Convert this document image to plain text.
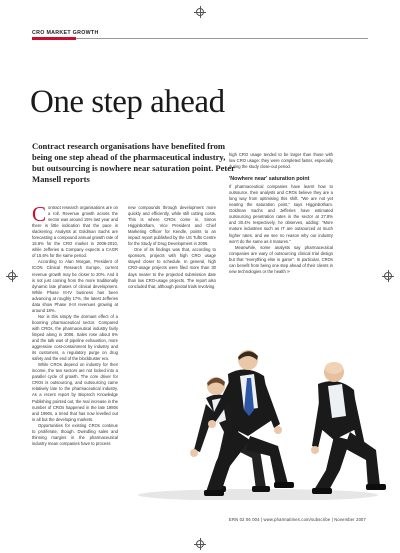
CRO MARKET GROWTH
One step ahead
Contract research organisations have benefited from being one step ahead of the pharmaceutical industry, but outsourcing is nowhere near saturation point. Peter Mansell reports

Contract research organisations are on a roll. Revenue growth across the sector was around 15% last year and there is little indication that the pace is slackening. Analysts at Goldman Sachs are forecasting a compound annual growth rate of 15.6% for the CRO market in 2006-2010, while Jefferies & Company expects a CAGR of 15.6% for the same period.

According to Alan Morgan, President of ICON Clinical Research Europe, current revenue growth may be closer to 20%. And it is not just coming from the more traditionally dynamic late phases of clinical development. While Phase III-IV business has been advancing at roughly 17%, the latest Jefferies data show Phase II-III revenues growing at around 18%.

Nor is this simply the dormant effect of a booming pharmaceutical sector. Compared with CROs, the pharmaceutical industry fairly limped along in 2006. Sales rose about 6% and the talk was of pipeline exhaustion, more aggressive cost-containment by industry and its customers, a regulatory purge on drug safety and the end of the blockbuster era.

While CROs depend on industry for their income, the two sectors are not locked into a parallel cycle of growth. The core driver for CROs is outsourcing, and outsourcing came relatively late to the pharmaceutical industry. As a recent report by Bioproch Knowledge Publishing pointed out, the real increase in the number of CROs happened in the late 1980s and 1990s, a trend that has now levelled out in all but the developing markets.

Opportunities for existing CROs continue to proliferate, though. Dwindling sales and thinning margins in the pharmaceutical industry mean companies have to process

new compounds through development more quickly and efficiently, while still cutting costs. This is where CROs come in, Simon Higginbotham, Vice President and Chief Marketing Officer for Kendle, points to an impact report published by the US Tufts Centre for the Study of Drug Development in 2006.

One of its findings was that, according to sponsors, projects with high CRO usage stayed closer to schedule. In general, high CRO-usage projects were filed more than 30 days nearer to the projected submission date than low CRO-usage projects. The report also concluded that, although pivotal trials involving

high CRO usage tended to be larger than those with low CRO usage: they were completed faster, especially during the study close-out period.

'Nowhere near' saturation point

If pharmaceutical companies have learnt how to outsource, then analysts and CROs believe they are a long way from optimising this shift. "We are not yet nearing the saturation point," says Higginbotham. Goldman Sachs and Jefferies have estimated outsourcing penetration rates in the sector at 27.8% and 30.4% respectively, he observes, adding: "More mature industries such as IT are outsourced at much higher rates, and we see no reason why our industry won't do the same as it matures."

Meanwhile, some analysts say pharmaceutical companies are wary of outsourcing clinical trial design but that "everything else is game". In particular, CROs can benefit from being one step ahead of their clients in new technologies or the health »

ERN 02 06 004 | www.pharmatimes.com/subscribe | November 2007
